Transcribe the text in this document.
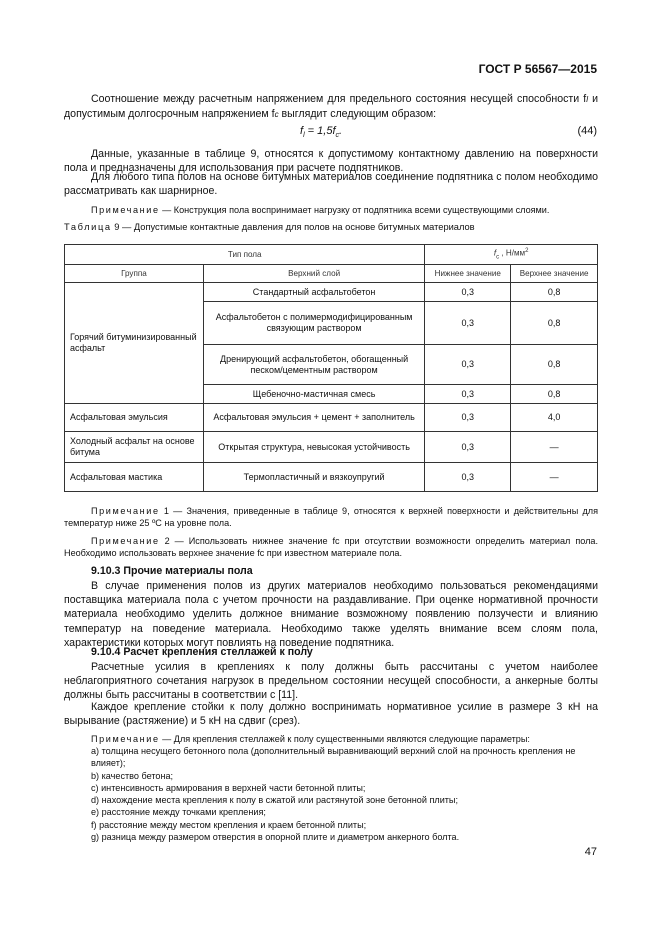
ГОСТ Р 56567—2015
Соотношение между расчетным напряжением для предельного состояния несущей способности fl и допустимым долгосрочным напряжением fc выглядит следующим образом:
$f_l = 1,5f_c$.	(44)
Данные, указанные в таблице 9, относятся к допустимому контактному давлению на поверхности пола и предназначены для использования при расчете подпятников.
Для любого типа полов на основе битумных материалов соединение подпятника с полом необходимо рассматривать как шарнирное.
Примечание — Конструкция пола воспринимает нагрузку от подпятника всеми существующими слоями.
Таблица 9 — Допустимые контактные давления для полов на основе битумных материалов
Тип пола		$f_c$ , $Н/мм^2$
Группа	Верхний слой	Нижнее значение	Верхнее значение
Горячий битуминизированный асфальт	Стандартный асфальтобетон	0,3	0,8
	Асфальтобетон с полимермодифицированным связующим раствором	0,3	0,8
	Дренирующий асфальтобетон, обогащенный песком/цементным раствором	0,3	0,8
	Щебеночно-мастичная смесь	0,3	0,8
Асфальтовая эмульсия	Асфальтовая эмульсия + цемент + заполнитель	0,3	4,0
Холодный асфальт на основе битума	Открытая структура, невысокая устойчивость	0,3	—
Асфальтовая мастика	Термопластичный и вязкоупругий	0,3	—
Примечание 1 — Значения, приведенные в таблице 9, относятся к верхней поверхности и действительны для температур ниже 25 ºС на уровне пола.
Примечание 2 — Использовать нижнее значение fc при отсутствии возможности определить материал пола. Необходимо использовать верхнее значение fc при известном материале пола.
9.10.3 Прочие материалы пола
В случае применения полов из других материалов необходимо пользоваться рекомендациями поставщика материала пола с учетом прочности на раздавливание. При оценке нормативной прочности материала необходимо уделить должное внимание возможному появлению ползучести и влиянию температур на поведение материала. Необходимо также уделять внимание всем слоям пола, характеристики которых могут повлиять на поведение подпятника.
9.10.4 Расчет крепления стеллажей к полу
Расчетные усилия в креплениях к полу должны быть рассчитаны с учетом наиболее неблагоприятного сочетания нагрузок в предельном состоянии несущей способности, а анкерные болты должны быть рассчитаны в соответствии с [11].
Каждое крепление стойки к полу должно воспринимать нормативное усилие в размере 3 кН на вырывание (растяжение) и 5 кН на сдвиг (срез).
Примечание — Для крепления стеллажей к полу существенными являются следующие параметры:
a) толщина несущего бетонного пола (дополнительный выравнивающий верхний слой на прочность крепления не влияет);
b) качество бетона;
c) интенсивность армирования в верхней части бетонной плиты;
d) нахождение места крепления к полу в сжатой или растянутой зоне бетонной плиты;
e) расстояние между точками крепления;
f) расстояние между местом крепления и краем бетонной плиты;
g) разница между размером отверстия в опорной плите и диаметром анкерного болта.
47
